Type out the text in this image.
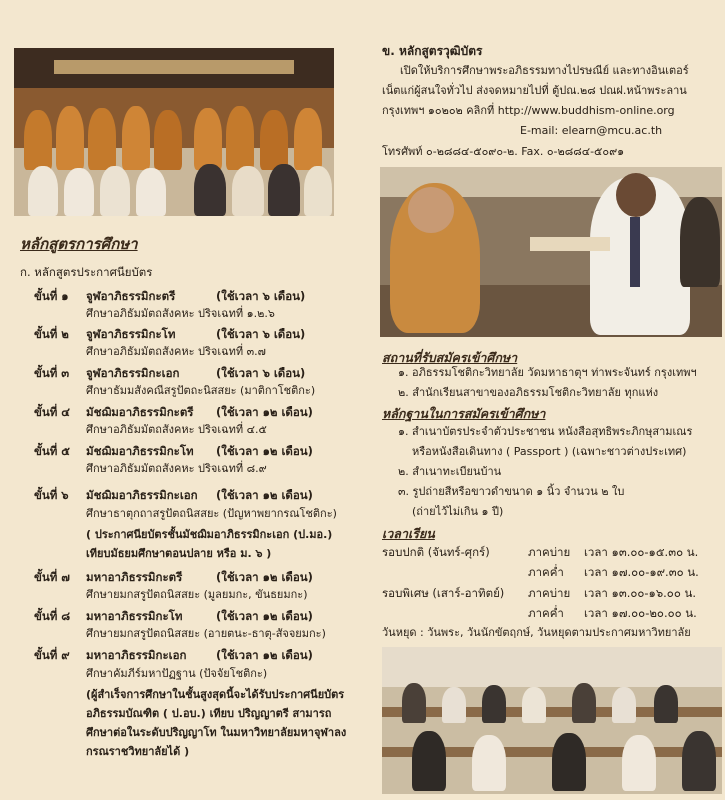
หลักสูตรการศึกษา
ก. หลักสูตรประกาศนียบัตร
ขั้นที่ ๑ จูฬอาภิธรรมิกะตรี	(ใช้เวลา ๖ เดือน)
ศึกษาอภิธัมมัตถสังคหะ ปริจเฉทที่ ๑.๒.๖
ขั้นที่ ๒ จูฬอาภิธรรมิกะโท	(ใช้เวลา ๖ เดือน)
ศึกษาอภิธัมมัตถสังคหะ ปริจเฉทที่ ๓.๗
ขั้นที่ ๓ จูฬอาภิธรรมิกะเอก	(ใช้เวลา ๖ เดือน)
ศึกษาธัมมสังคณีสรูปัตถะนิสสยะ (มาติกาโชติกะ)
ขั้นที่ ๔ มัชฌิมอาภิธรรมิกะตรี (ใช้เวลา ๑๒ เดือน)
ศึกษาอภิธัมมัตถสังคหะ ปริจเฉทที่ ๔.๕
ขั้นที่ ๕ มัชฌิมอาภิธรรมิกะโท (ใช้เวลา ๑๒ เดือน)
ศึกษาอภิธัมมัตถสังคหะ ปริจเฉทที่ ๘.๙
ขั้นที่ ๖ มัชฌิมอาภิธรรมิกะเอก (ใช้เวลา ๑๒ เดือน)
ศึกษาธาตุกถาสรูปัตถนิสสยะ (ปัญหาพยากรณโชติกะ)
( ประกาศนียบัตรชั้นมัชฌิมอาภิธรรมิกะเอก (ป.มอ.)
เทียบมัธยมศึกษาตอนปลาย หรือ ม. ๖ )
ขั้นที่ ๗ มหาอาภิธรรมิกะตรี	(ใช้เวลา ๑๒ เดือน)
ศึกษายมกสรูปัตถนิสสยะ (มูลยมกะ, ขันธยมกะ)
ขั้นที่ ๘ มหาอาภิธรรมิกะโท	(ใช้เวลา ๑๒ เดือน)
ศึกษายมกสรูปัตถนิสสยะ (อายตนะ-ธาตุ-สัจจยมกะ)
ขั้นที่ ๙ มหาอาภิธรรมิกะเอก	(ใช้เวลา ๑๒ เดือน)
ศึกษาคัมภีร์มหาปัฏฐาน (ปัจจัยโชติกะ)
(ผู้สำเร็จการศึกษาในชั้นสูงสุดนี้จะได้รับประกาศนียบัตร
อภิธรรมบัณฑิต ( ป.อบ.) เทียบ ปริญญาตรี สามารถ
ศึกษาต่อในระดับปริญญาโท ในมหาวิทยาลัยมหาจุฬาลง
กรณราชวิทยาลัยได้ )
ข. หลักสูตรวุฒิบัตร
เปิดให้บริการศึกษาพระอภิธรรมทางไปรษณีย์ และทางอินเตอร์
เน็ตแก่ผู้สนใจทั่วไป ส่งจดหมายไปที่ ตู้ปณ.๒๘ ปณฝ.หน้าพระลาน
กรุงเทพฯ ๑๐๒๐๒ คลิกที่ http://www.buddhism-online.org
E-mail: elearn@mcu.ac.th
โทรศัพท์ ๐-๒๘๘๔-๕๐๙๐-๒. Fax. ๐-๒๘๘๔-๕๐๙๑
สถานที่รับสมัครเข้าศึกษา
๑. อภิธรรมโชติกะวิทยาลัย วัดมหาธาตุฯ ท่าพระจันทร์ กรุงเทพฯ
๒. สำนักเรียนสาขาของอภิธรรมโชติกะวิทยาลัย ทุกแห่ง
หลักฐานในการสมัครเข้าศึกษา
๑. สำเนาบัตรประจำตัวประชาชน หนังสือสุทธิพระภิกษุสามเณร
หรือหนังสือเดินทาง ( Passport ) (เฉพาะชาวต่างประเทศ)
๒. สำเนาทะเบียนบ้าน
๓. รูปถ่ายสีหรือขาวดำขนาด ๑ นิ้ว จำนวน ๒ ใบ
(ถ่ายไว้ไม่เกิน ๑ ปี)
เวลาเรียน
รอบปกติ (จันทร์-ศุกร์)	ภาคบ่าย เวลา ๑๓.๐๐-๑๕.๓๐ น.
ภาคค่ำ เวลา ๑๗.๐๐-๑๙.๓๐ น.
รอบพิเศษ (เสาร์-อาทิตย์) ภาคบ่าย เวลา ๑๓.๐๐-๑๖.๐๐ น.
ภาคค่ำ เวลา ๑๗.๐๐-๒๐.๐๐ น.
วันหยุด : วันพระ, วันนักขัตฤกษ์, วันหยุดตามประกาศมหาวิทยาลัย
